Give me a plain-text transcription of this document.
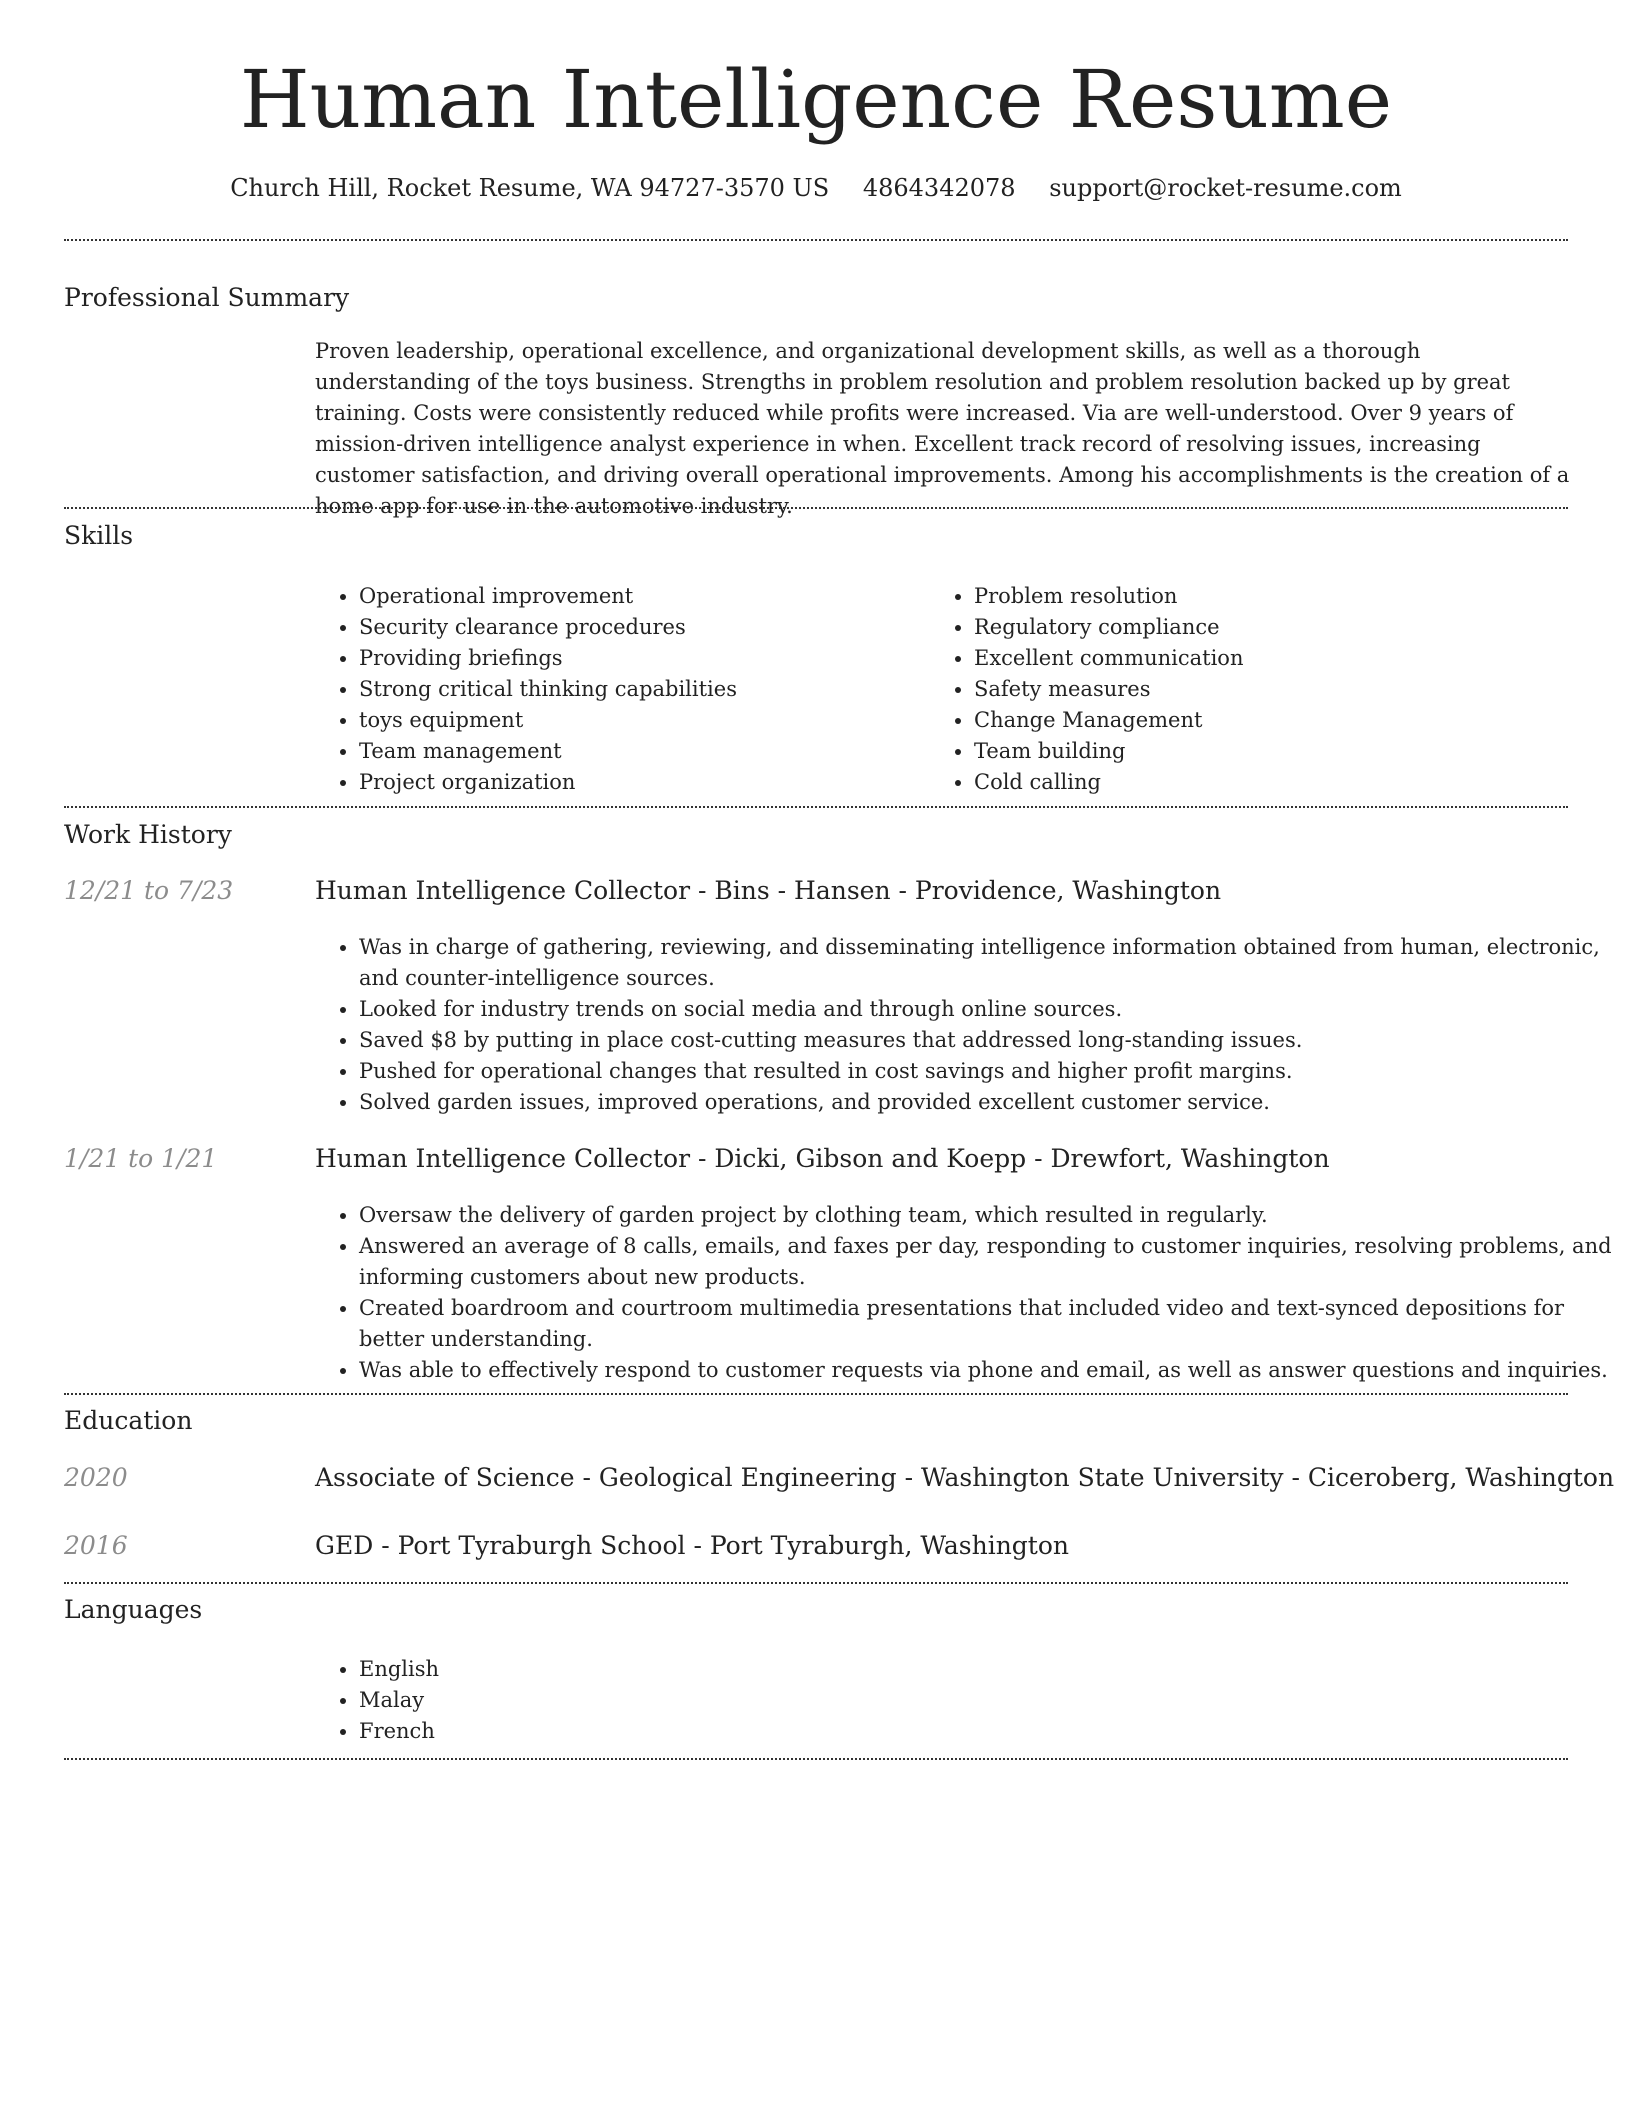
Human Intelligence Resume
Church Hill, Rocket Resume, WA 94727-3570 US 4864342078 support@rocket-resume.com
Professional Summary

Proven leadership, operational excellence, and organizational development skills, as well as a thorough understanding of the toys business. Strengths in problem resolution and problem resolution backed up by great training. Costs were consistently reduced while profits were increased. Via are well-understood. Over 9 years of mission-driven intelligence analyst experience in when. Excellent track record of resolving issues, increasing customer satisfaction, and driving overall operational improvements. Among his accomplishments is the creation of a home app for use in the automotive industry.

Skills
• Operational improvement
• Security clearance procedures
• Providing briefings
• Strong critical thinking capabilities
• toys equipment
• Team management
• Project organization
• Problem resolution
• Regulatory compliance
• Excellent communication
• Safety measures
• Change Management
• Team building
• Cold calling
Work History
12/21 to 7/23	Human Intelligence Collector - Bins - Hansen - Providence, Washington
• Was in charge of gathering, reviewing, and disseminating intelligence information obtained from human, electronic, and counter-intelligence sources.
• Looked for industry trends on social media and through online sources.
• Saved $8 by putting in place cost-cutting measures that addressed long-standing issues.
• Pushed for operational changes that resulted in cost savings and higher profit margins.
• Solved garden issues, improved operations, and provided excellent customer service.
1/21 to 1/21	Human Intelligence Collector - Dicki, Gibson and Koepp - Drewfort, Washington
• Oversaw the delivery of garden project by clothing team, which resulted in regularly.
• Answered an average of 8 calls, emails, and faxes per day, responding to customer inquiries, resolving problems, and informing customers about new products.
• Created boardroom and courtroom multimedia presentations that included video and text-synced depositions for better understanding.
• Was able to effectively respond to customer requests via phone and email, as well as answer questions and inquiries.
Education
2020	Associate of Science - Geological Engineering - Washington State University - Ciceroberg, Washington
2016	GED - Port Tyraburgh School - Port Tyraburgh, Washington
Languages
• English
• Malay
• French
